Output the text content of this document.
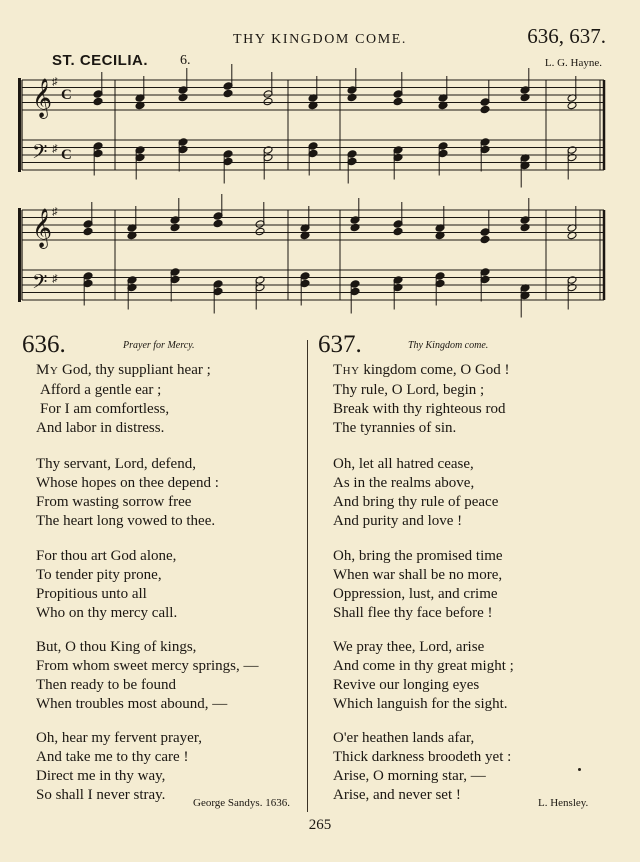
THY KINGDOM COME.	636, 637.
ST. CECILIA. 6.	L. G. Hayne.
𝄞
𝄢
♯
♯
C
C
𝄞
𝄢
♯
♯
636.	Prayer for Mercy.
MY God, thy suppliant hear ;
Afford a gentle ear ;
For I am comfortless,
And labor in distress.
Thy servant, Lord, defend,
Whose hopes on thee depend :
From wasting sorrow free
The heart long vowed to thee.
For thou art God alone,
To tender pity prone,
Propitious unto all
Who on thy mercy call.
But, O thou King of kings,
From whom sweet mercy springs, —
Then ready to be found
When troubles most abound, —
Oh, hear my fervent prayer,
And take me to thy care !
Direct me in thy way,
So shall I never stray.	George Sandys. 1636.
637.	Thy Kingdom come.
THY kingdom come, O God !
Thy rule, O Lord, begin ;
Break with thy righteous rod
The tyrannies of sin.
Oh, let all hatred cease,
As in the realms above,
And bring thy rule of peace
And purity and love !
Oh, bring the promised time
When war shall be no more,
Oppression, lust, and crime
Shall flee thy face before !
We pray thee, Lord, arise
And come in thy great might ;
Revive our longing eyes
Which languish for the sight.
O'er heathen lands afar,
Thick darkness broodeth yet :
Arise, O morning star, —
Arise, and never set !	L. Hensley.
265
